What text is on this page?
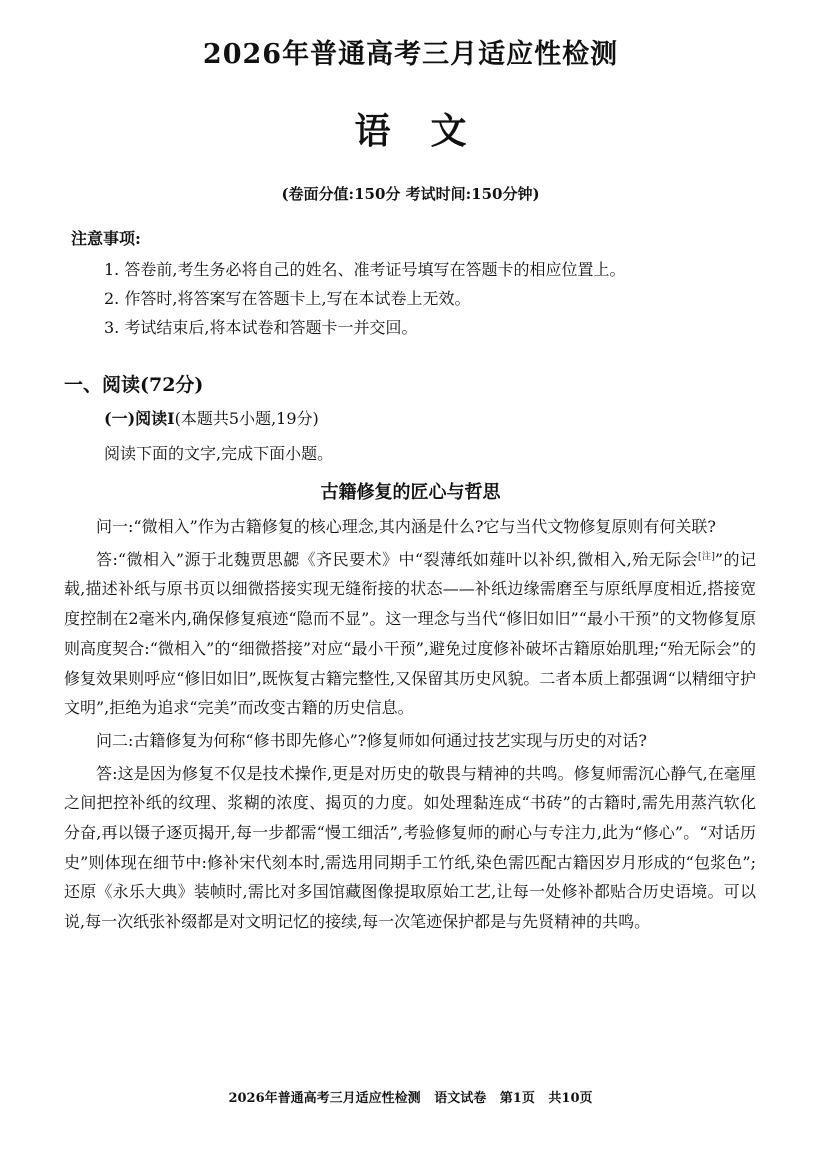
2026年普通高考三月适应性检测
语文
(卷面分值:150分 考试时间:150分钟)
注意事项:
1. 答卷前,考生务必将自己的姓名、准考证号填写在答题卡的相应位置上。
2. 作答时,将答案写在答题卡上,写在本试卷上无效。
3. 考试结束后,将本试卷和答题卡一并交回。
一、阅读(72分)
(一)阅读Ⅰ(本题共5小题,19分)
阅读下面的文字,完成下面小题。
古籍修复的匠心与哲思

问一:“微相入”作为古籍修复的核心理念,其内涵是什么?它与当代文物修复原则有何关联?

答:“微相入”源于北魏贾思勰《齐民要术》中“裂薄纸如薤叶以补织,微相入,殆无际会[注]”的记载,描述补纸与原书页以细微搭接实现无缝衔接的状态——补纸边缘需磨至与原纸厚度相近,搭接宽度控制在2毫米内,确保修复痕迹“隐而不显”。这一理念与当代“修旧如旧”“最小干预”的文物修复原则高度契合:“微相入”的“细微搭接”对应“最小干预”,避免过度修补破坏古籍原始肌理;“殆无际会”的修复效果则呼应“修旧如旧”,既恢复古籍完整性,又保留其历史风貌。二者本质上都强调“以精细守护文明”,拒绝为追求“完美”而改变古籍的历史信息。

问二:古籍修复为何称“修书即先修心”?修复师如何通过技艺实现与历史的对话?

答:这是因为修复不仅是技术操作,更是对历史的敬畏与精神的共鸣。修复师需沉心静气,在毫厘之间把控补纸的纹理、浆糊的浓度、揭页的力度。如处理黏连成“书砖”的古籍时,需先用蒸汽软化分奋,再以镊子逐页揭开,每一步都需“慢工细活”,考验修复师的耐心与专注力,此为“修心”。“对话历史”则体现在细节中:修补宋代刻本时,需选用同期手工竹纸,染色需匹配古籍因岁月形成的“包浆色”;还原《永乐大典》装帧时,需比对多国馆藏图像提取原始工艺,让每一处修补都贴合历史语境。可以说,每一次纸张补缀都是对文明记忆的接续,每一次笔迹保护都是与先贤精神的共鸣。

2026年普通高考三月适应性检测   语文试卷   第1页   共10页
